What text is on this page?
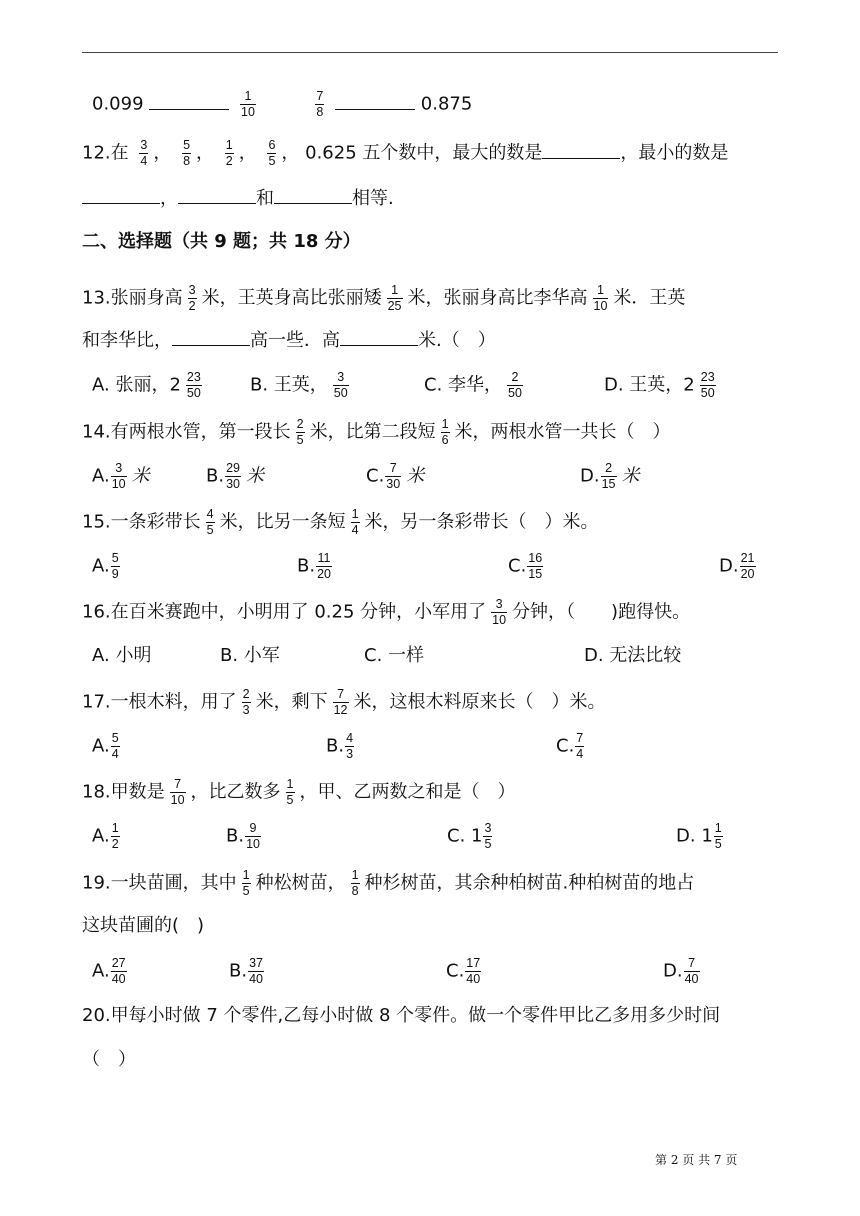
0.099	$\frac{1}{10}$
	$\frac{7}{8}$	0.875
12.在 $\frac{3}{4}$ ， $\frac{5}{8}$ ， $\frac{1}{2}$ ， $\frac{6}{5}$ ， 0.625 五个数中，最大的数是	，最小的数是
，	和	相等.
二、选择题（共 9 题；共 18 分）
13.张丽身高 $\frac{3}{2}$ 米，王英身高比张丽矮 $\frac{1}{25}$ 米，张丽身高比李华高 $\frac{1}{10}$ 米．王英
和李华比，	高一些．高	米.（　）
A. 张丽，$2 \frac{23}{50}$	B. 王英， $\frac{3}{50}$	C. 李华， $\frac{2}{50}$	D. 王英，$2 \frac{23}{50}$
14.有两根水管，第一段长 $\frac{2}{5}$ 米，比第二段短 $\frac{1}{6}$ 米，两根水管一共长（　）
A. $\frac{3}{10}$ 米	B. $\frac{29}{30}$ 米	C. $\frac{7}{30}$ 米	D. $\frac{2}{15}$ 米
15.一条彩带长 $\frac{4}{5}$ 米，比另一条短 $\frac{1}{4}$ 米，另一条彩带长（　）米。
A. $\frac{5}{9}$	B. $\frac{11}{20}$	C. $\frac{16}{15}$	D. $\frac{21}{20}$
16.在百米赛跑中，小明用了 0.25 分钟，小军用了 $\frac{3}{10}$ 分钟，（　　)跑得快。
A. 小明	B. 小军	C. 一样	D. 无法比较
17.一根木料，用了 $\frac{2}{3}$ 米，剩下 $\frac{7}{12}$ 米，这根木料原来长（　）米。
A. $\frac{5}{4}$	B. $\frac{4}{3}$	C. $\frac{7}{4}$
18.甲数是 $\frac{7}{10}$ ，比乙数多 $\frac{1}{5}$ ，甲、乙两数之和是（　）
A. $\frac{1}{2}$	B. $\frac{9}{10}$	C. $1 \frac{3}{5}$	D. $1 \frac{1}{5}$
19.一块苗圃，其中 $\frac{1}{5}$ 种松树苗， $\frac{1}{8}$ 种杉树苗，其余种柏树苗.种柏树苗的地占
这块苗圃的(　)
A. $\frac{27}{40}$	B. $\frac{37}{40}$	C. $\frac{17}{40}$	D. $\frac{7}{40}$
20.甲每小时做 7 个零件,乙每小时做 8 个零件。做一个零件甲比乙多用多少时间
（　）
第 2 页 共 7 页
